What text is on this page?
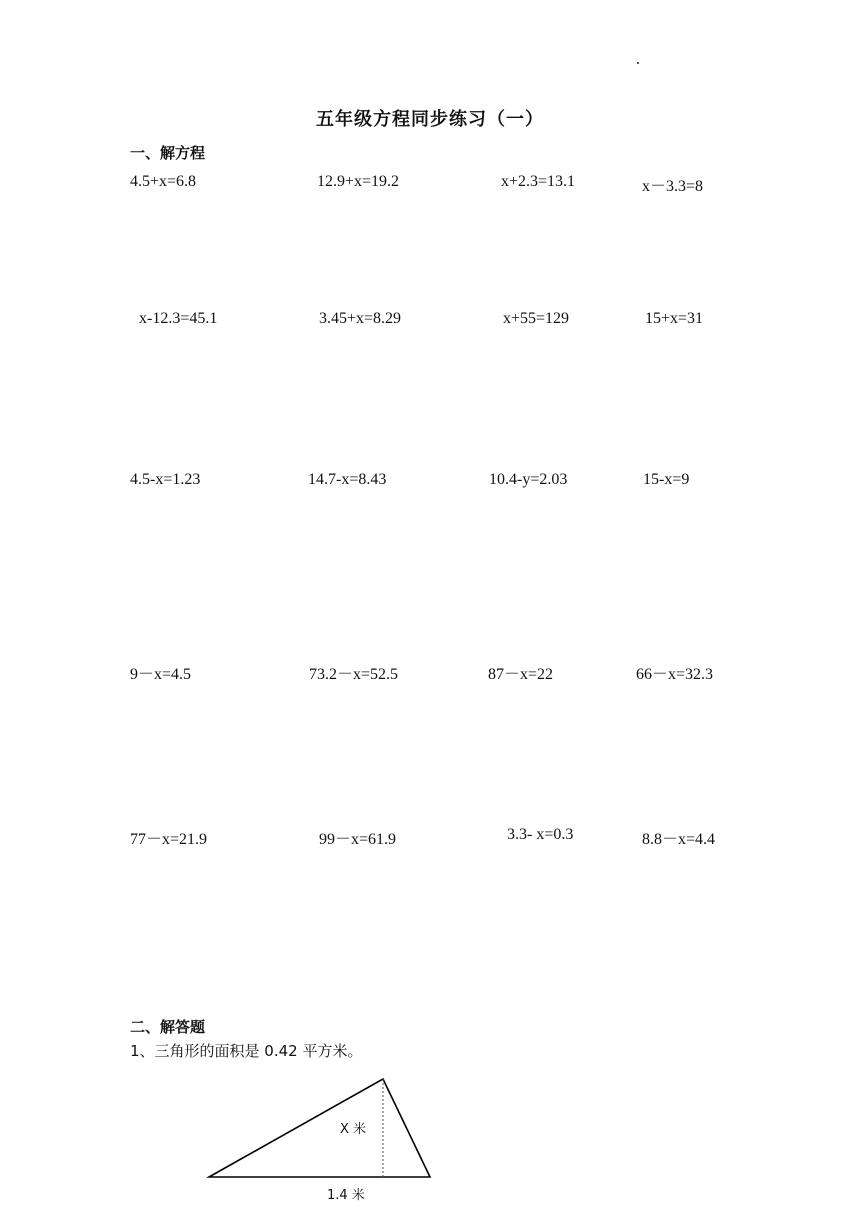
五年级方程同步练习（一）
一、解方程
4.5+x=6.8	12.9+x=19.2	x+2.3=13.1	x－3.3=8
x-12.3=45.1	3.45+x=8.29	x+55=129	15+x=31
4.5-x=1.23	14.7-x=8.43	10.4-y=2.03	15-x=9
9－x=4.5	73.2－x=52.5	87－x=22	66－x=32.3
77－x=21.9	99－x=61.9	3.3- x=0.3	8.8－x=4.4
二、解答题
1、三角形的面积是 0.42 平方米。
X 米
1.4 米
